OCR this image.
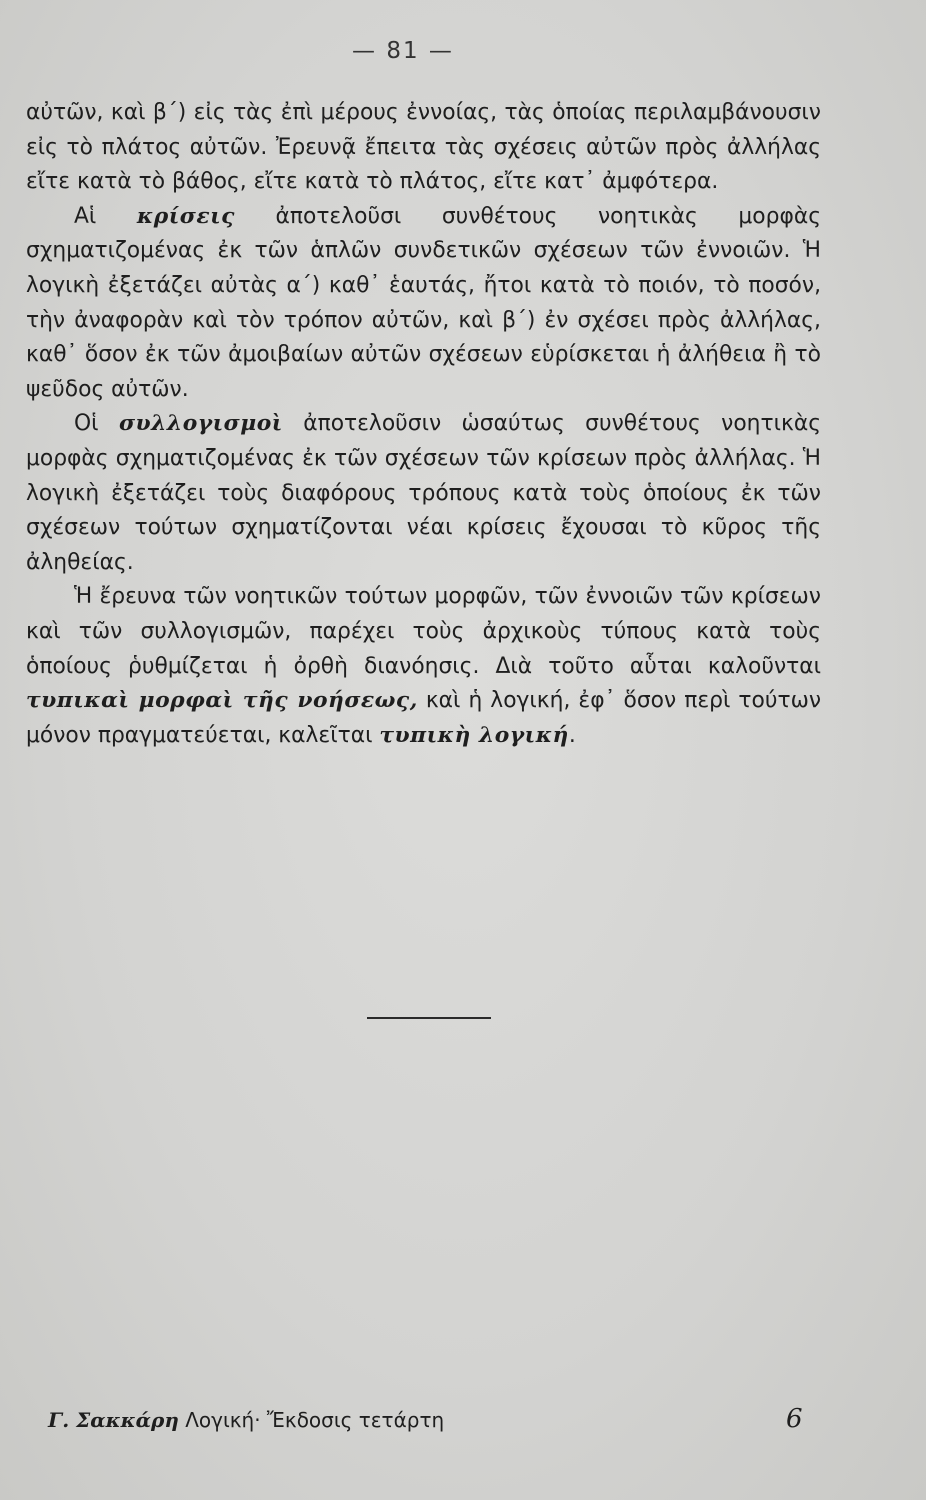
— 81 —

αὐτῶν, καὶ β΄) εἰς τὰς ἐπὶ μέρους ἐννοίας, τὰς ὁποίας περιλαμβάνουσιν εἰς τὸ πλάτος αὐτῶν. Ἐρευνᾷ ἔπειτα τὰς σχέσεις αὐτῶν πρὸς ἀλλήλας εἴτε κατὰ τὸ βάθος, εἴτε κατὰ τὸ πλάτος, εἴτε κατ᾽ ἀμφότερα.

Αἱ κρίσεις ἀποτελοῦσι συνθέτους νοητικὰς μορφὰς σχηματιζομένας ἐκ τῶν ἁπλῶν συνδετικῶν σχέσεων τῶν ἐννοιῶν. Ἡ λογικὴ ἐξετάζει αὐτὰς α΄) καθ᾽ ἑαυτάς, ἤτοι κατὰ τὸ ποιόν, τὸ ποσόν, τὴν ἀναφορὰν καὶ τὸν τρόπον αὐτῶν, καὶ β΄) ἐν σχέσει πρὸς ἀλλήλας, καθ᾽ ὅσον ἐκ τῶν ἀμοιβαίων αὐτῶν σχέσεων εὑρίσκεται ἡ ἀλήθεια ἢ τὸ ψεῦδος αὐτῶν.

Οἱ συλλογισμοὶ ἀποτελοῦσιν ὡσαύτως συνθέτους νοητικὰς μορφὰς σχηματιζομένας ἐκ τῶν σχέσεων τῶν κρίσεων πρὸς ἀλλήλας. Ἡ λογικὴ ἐξετάζει τοὺς διαφόρους τρόπους κατὰ τοὺς ὁποίους ἐκ τῶν σχέσεων τούτων σχηματίζονται νέαι κρίσεις ἔχουσαι τὸ κῦρος τῆς ἀληθείας.

Ἡ ἔρευνα τῶν νοητικῶν τούτων μορφῶν, τῶν ἐννοιῶν τῶν κρίσεων καὶ τῶν συλλογισμῶν, παρέχει τοὺς ἀρχικοὺς τύπους κατὰ τοὺς ὁποίους ῥυθμίζεται ἡ ὀρθὴ διανόησις. Διὰ τοῦτο αὗται καλοῦνται τυπικαὶ μορφαὶ τῆς νοήσεως, καὶ ἡ λογική, ἐφ᾽ ὅσον περὶ τούτων μόνον πραγματεύεται, καλεῖται τυπικὴ λογική.

Γ. Σακκάρη Λογική· Ἔκδοσις τετάρτη	6
